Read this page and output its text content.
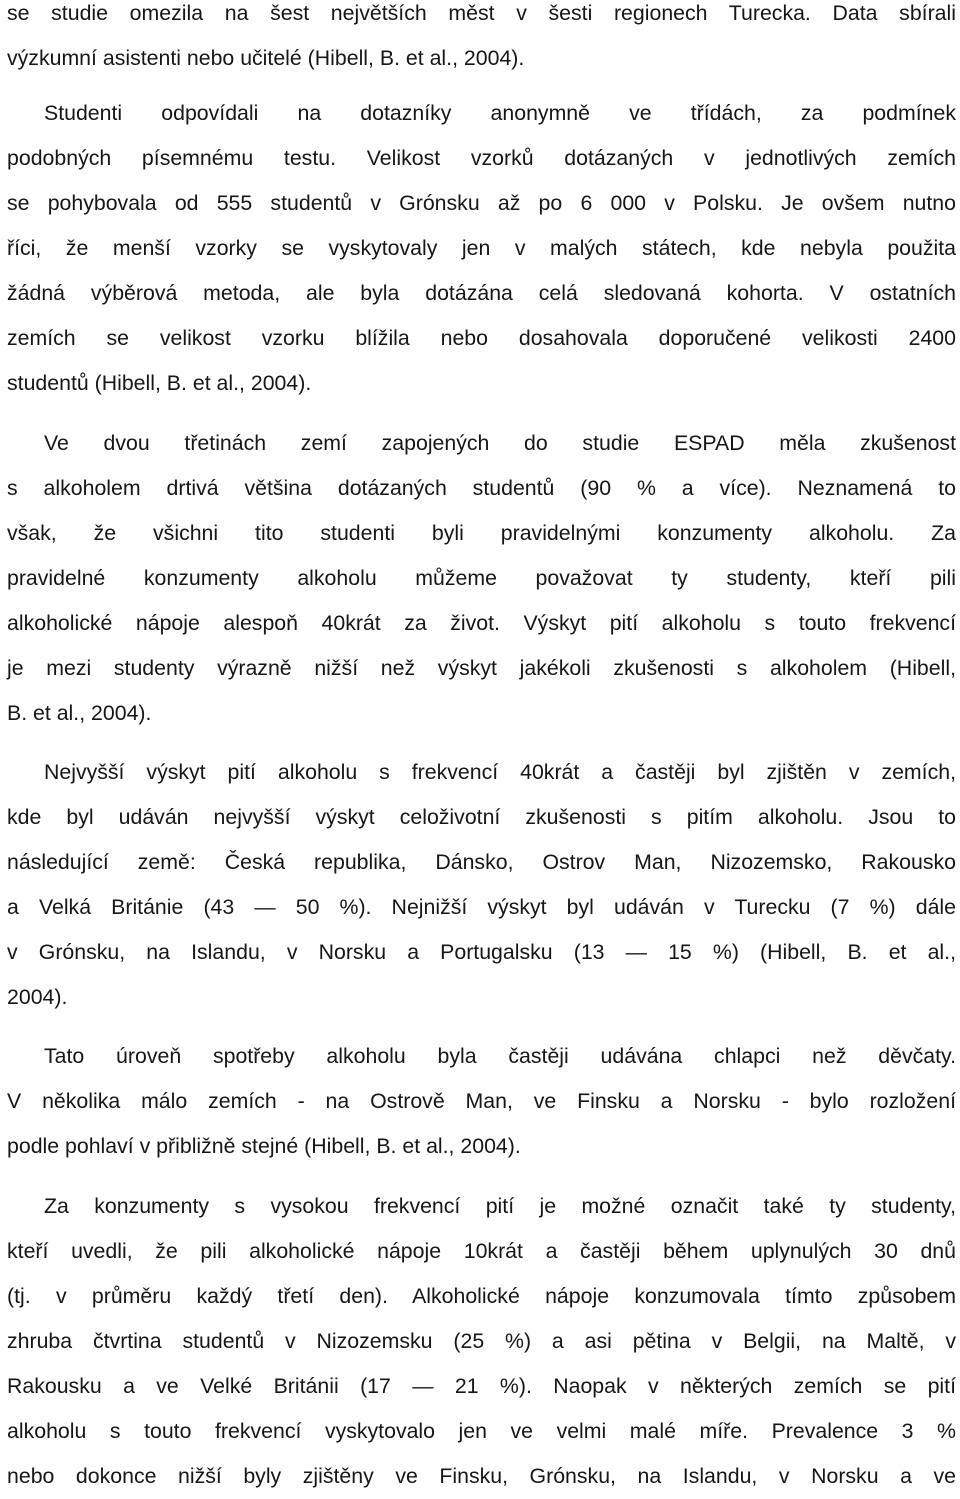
se studie omezila na šest největších měst v šesti regionech Turecka. Data sbírali
výzkumní asistenti nebo učitelé (Hibell, B. et al., 2004).
Studenti odpovídali na dotazníky anonymně ve třídách, za podmínek
podobných písemnému testu. Velikost vzorků dotázaných v jednotlivých zemích
se pohybovala od 555 studentů v Grónsku až po 6 000 v Polsku. Je ovšem nutno
říci, že menší vzorky se vyskytovaly jen v malých státech, kde nebyla použita
žádná výběrová metoda, ale byla dotázána celá sledovaná kohorta. V ostatních
zemích se velikost vzorku blížila nebo dosahovala doporučené velikosti 2400
studentů (Hibell, B. et al., 2004).
Ve dvou třetinách zemí zapojených do studie ESPAD měla zkušenost
s alkoholem drtivá většina dotázaných studentů (90 % a více). Neznamená to
však, že všichni tito studenti byli pravidelnými konzumenty alkoholu. Za
pravidelné konzumenty alkoholu můžeme považovat ty studenty, kteří pili
alkoholické nápoje alespoň 40krát za život. Výskyt pití alkoholu s touto frekvencí
je mezi studenty výrazně nižší než výskyt jakékoli zkušenosti s alkoholem (Hibell,
B. et al., 2004).
Nejvyšší výskyt pití alkoholu s frekvencí 40krát a častěji byl zjištěn v zemích,
kde byl udáván nejvyšší výskyt celoživotní zkušenosti s pitím alkoholu. Jsou to
následující země: Česká republika, Dánsko, Ostrov Man, Nizozemsko, Rakousko
a Velká Británie (43 — 50 %). Nejnižší výskyt byl udáván v Turecku (7 %) dále
v Grónsku, na Islandu, v Norsku a Portugalsku (13 — 15 %) (Hibell, B. et al.,
2004).
Tato úroveň spotřeby alkoholu byla častěji udávána chlapci než děvčaty.
V několika málo zemích - na Ostrově Man, ve Finsku a Norsku - bylo rozložení
podle pohlaví v přibližně stejné (Hibell, B. et al., 2004).
Za konzumenty s vysokou frekvencí pití je možné označit také ty studenty,
kteří uvedli, že pili alkoholické nápoje 10krát a častěji během uplynulých 30 dnů
(tj. v průměru každý třetí den). Alkoholické nápoje konzumovala tímto způsobem
zhruba čtvrtina studentů v Nizozemsku (25 %) a asi pětina v Belgii, na Maltě, v
Rakousku a ve Velké Británii (17 — 21 %). Naopak v některých zemích se pití
alkoholu s touto frekvencí vyskytovalo jen ve velmi malé míře. Prevalence 3 %
nebo dokonce nižší byly zjištěny ve Finsku, Grónsku, na Islandu, v Norsku a ve
